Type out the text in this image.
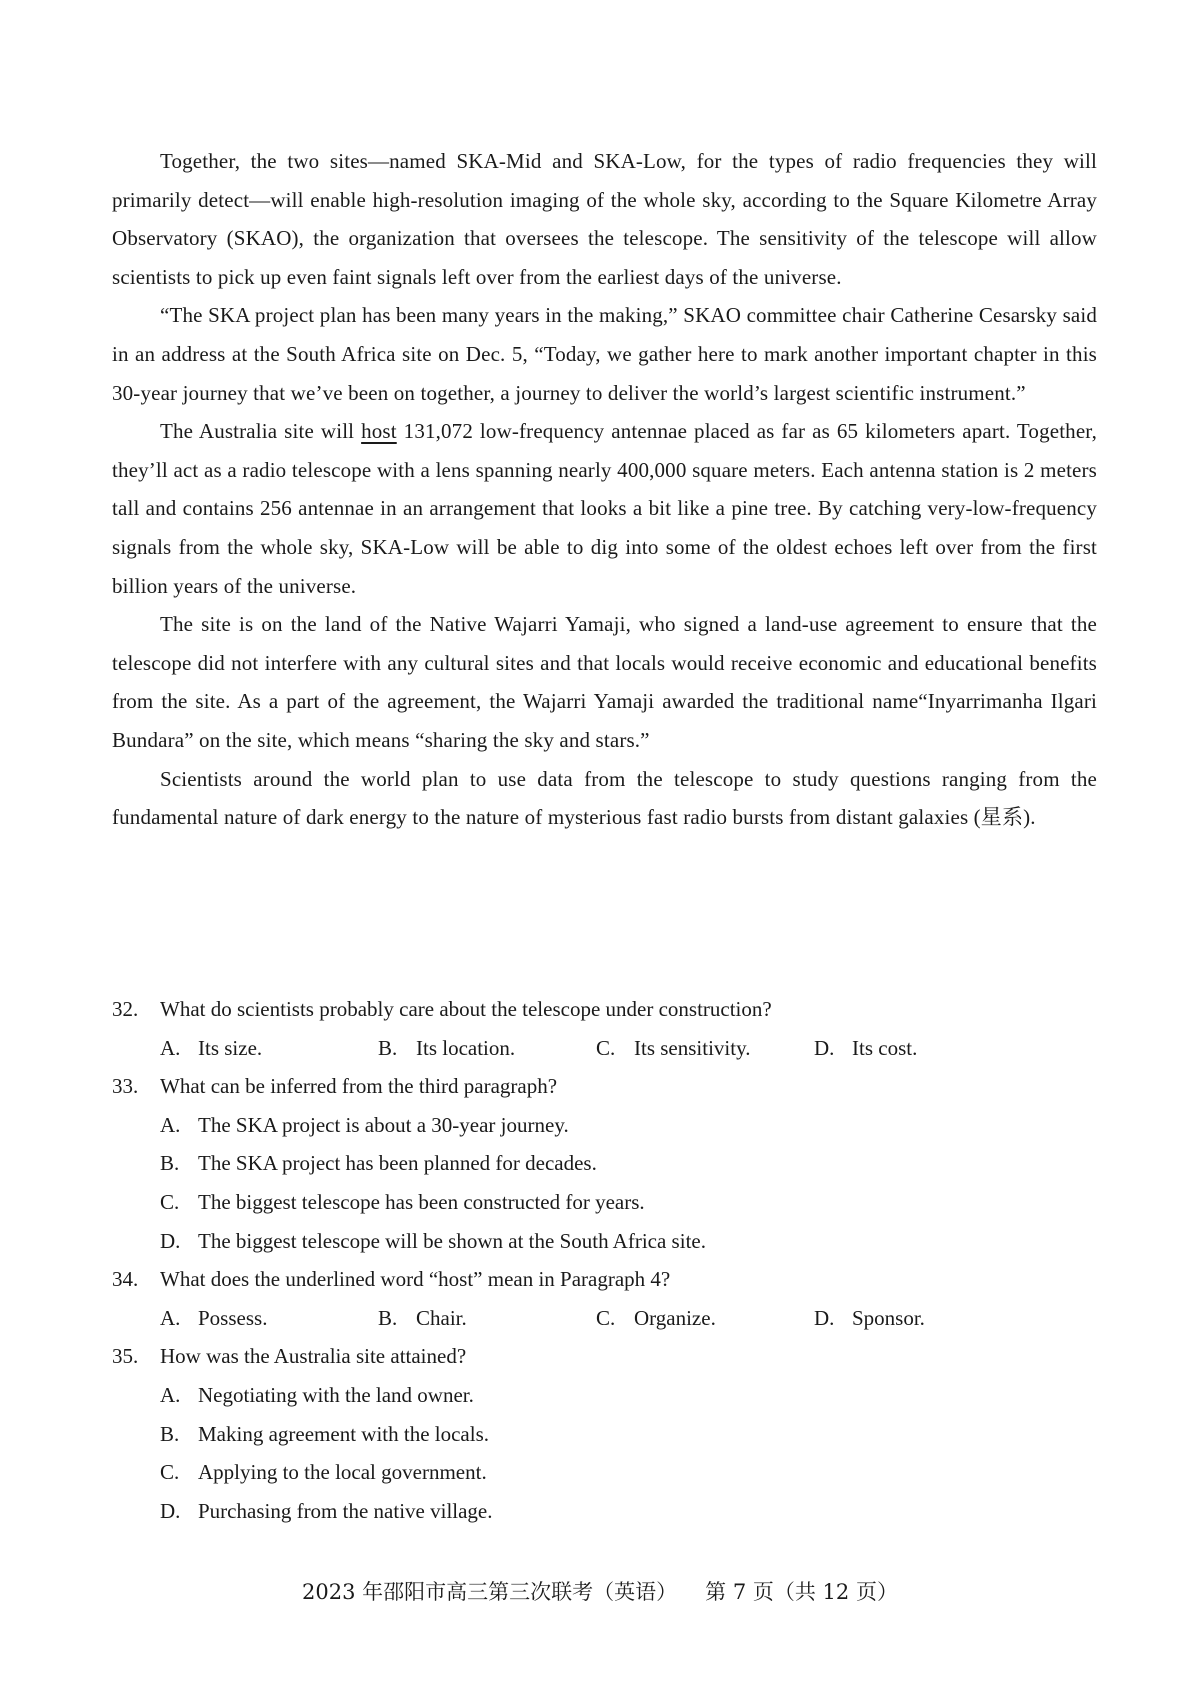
Together, the two sites—named SKA-Mid and SKA-Low, for the types of radio frequencies they will primarily detect—will enable high-resolution imaging of the whole sky, according to the Square Kilometre Array Observatory (SKAO), the organization that oversees the telescope. The sensitivity of the telescope will allow scientists to pick up even faint signals left over from the earliest days of the universe.

“The SKA project plan has been many years in the making,” SKAO committee chair Catherine Cesarsky said in an address at the South Africa site on Dec. 5, “Today, we gather here to mark another important chapter in this 30-year journey that we’ve been on together, a journey to deliver the world’s largest scientific instrument.”

The Australia site will host 131,072 low-frequency antennae placed as far as 65 kilometers apart. Together, they’ll act as a radio telescope with a lens spanning nearly 400,000 square meters. Each antenna station is 2 meters tall and contains 256 antennae in an arrangement that looks a bit like a pine tree. By catching very-low-frequency signals from the whole sky, SKA-Low will be able to dig into some of the oldest echoes left over from the first billion years of the universe.

The site is on the land of the Native Wajarri Yamaji, who signed a land-use agreement to ensure that the telescope did not interfere with any cultural sites and that locals would receive economic and educational benefits from the site. As a part of the agreement, the Wajarri Yamaji awarded the traditional name“Inyarrimanha Ilgari Bundara” on the site, which means “sharing the sky and stars.”

Scientists around the world plan to use data from the telescope to study questions ranging from the fundamental nature of dark energy to the nature of mysterious fast radio bursts from distant galaxies (星系).

32.	What do scientists probably care about the telescope under construction?
A. Its size.	B. Its location.	C. Its sensitivity.	D. Its cost.
33.	What can be inferred from the third paragraph?
A. The SKA project is about a 30-year journey.
B. The SKA project has been planned for decades.
C. The biggest telescope has been constructed for years.
D. The biggest telescope will be shown at the South Africa site.
34.	What does the underlined word “host” mean in Paragraph 4?
A. Possess.	B. Chair.	C. Organize.	D. Sponsor.
35.	How was the Australia site attained?
A. Negotiating with the land owner.
B. Making agreement with the locals.
C. Applying to the local government.
D. Purchasing from the native village.
2023 年邵阳市高三第三次联考（英语） 第 7 页（共 12 页）
